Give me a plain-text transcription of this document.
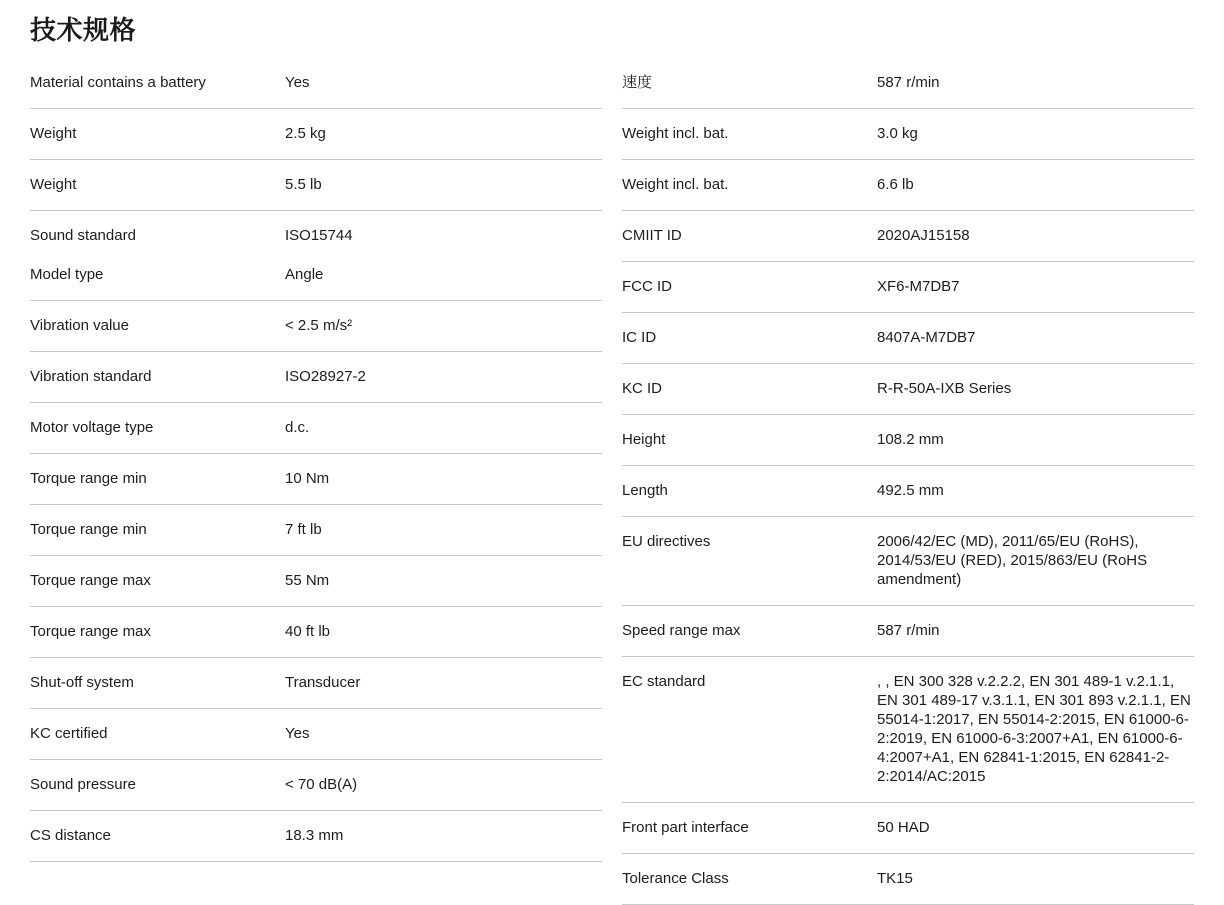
技术规格
Material contains a battery	Yes
Weight	2.5 kg
Weight	5.5 lb
Sound standard	ISO15744
Model type	Angle
Vibration value	< 2.5 m/s²
Vibration standard	ISO28927-2
Motor voltage type	d.c.
Torque range min	10 Nm
Torque range min	7 ft lb
Torque range max	55 Nm
Torque range max	40 ft lb
Shut-off system	Transducer
KC certified	Yes
Sound pressure	< 70 dB(A)
CS distance	18.3 mm
速度	587 r/min
Weight incl. bat.	3.0 kg
Weight incl. bat.	6.6 lb
CMIIT ID	2020AJ15158
FCC ID	XF6-M7DB7
IC ID	8407A-M7DB7
KC ID	R-R-50A-IXB Series
Height	108.2 mm
Length	492.5 mm
EU directives	2006/42/EC (MD), 2011/65/EU (RoHS), 2014/53/EU (RED), 2015/863/EU (RoHS amendment)
Speed range max	587 r/min
EC standard	, , EN 300 328 v.2.2.2, EN 301 489-1 v.2.1.1, EN 301 489-17 v.3.1.1, EN 301 893 v.2.1.1, EN 55014-1:2017, EN 55014-2:2015, EN 61000-6-2:2019, EN 61000-6-3:2007+A1, EN 61000-6-4:2007+A1, EN 62841-1:2015, EN 62841-2-2:2014/AC:2015
Front part interface	50 HAD
Tolerance Class	TK15
